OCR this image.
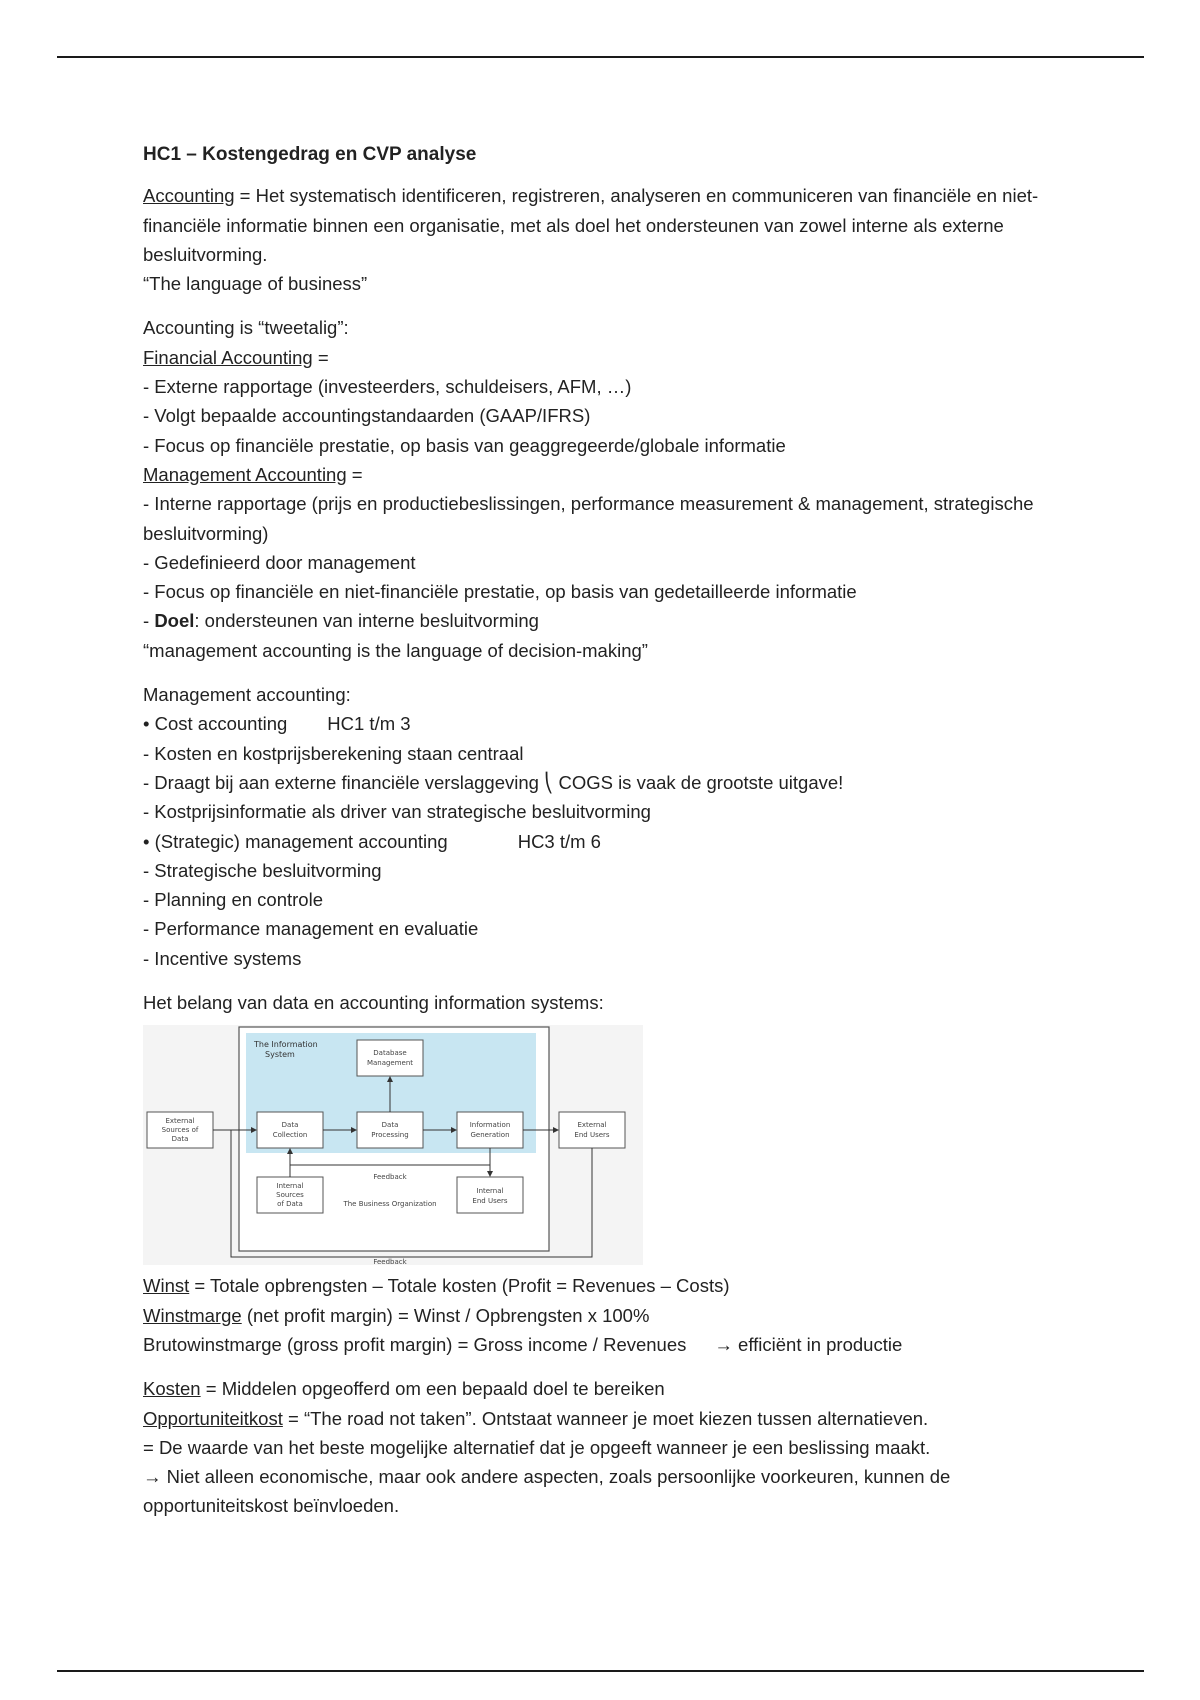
HC1 – Kostengedrag en CVP analyse

Accounting = Het systematisch identificeren, registreren, analyseren en communiceren van financiële en niet-financiële informatie binnen een organisatie, met als doel het ondersteunen van zowel interne als externe besluitvorming.

“The language of business”

Accounting is “tweetalig”:

Financial Accounting =

- Externe rapportage (investeerders, schuldeisers, AFM, …)

- Volgt bepaalde accountingstandaarden (GAAP/IFRS)

- Focus op financiële prestatie, op basis van geaggregeerde/globale informatie

Management Accounting =

- Interne rapportage (prijs en productiebeslissingen, performance measurement & management, strategische besluitvorming)

- Gedefinieerd door management

- Focus op financiële en niet-financiële prestatie, op basis van gedetailleerde informatie

- Doel: ondersteunen van interne besluitvorming

“management accounting is the language of decision-making”

Management accounting:

• Cost accounting HC1 t/m 3

- Kosten en kostprijsberekening staan centraal

- Draagt bij aan externe financiële verslaggeving ⎝ COGS is vaak de grootste uitgave!

- Kostprijsinformatie als driver van strategische besluitvorming

• (Strategic) management accounting	HC3 t/m 6

- Strategische besluitvorming

- Planning en controle

- Performance management en evaluatie

- Incentive systems

Het belang van data en accounting information systems:

The Information
System	Database
Management
External
Sources of
Data
Data
Collection
Data
Processing
Information
Generation
External
End Users
Feedback
Internal
Sources
of Data
Internal
End Users
The Business Organization
Feedback

Winst = Totale opbrengsten – Totale kosten (Profit = Revenues – Costs)

Winstmarge (net profit margin) = Winst / Opbrengsten x 100%

Brutowinstmarge (gross profit margin) = Gross income / Revenues → efficiënt in productie

Kosten = Middelen opgeofferd om een bepaald doel te bereiken

Opportuniteitkost = “The road not taken”. Ontstaat wanneer je moet kiezen tussen alternatieven.

= De waarde van het beste mogelijke alternatief dat je opgeeft wanneer je een beslissing maakt.

→ Niet alleen economische, maar ook andere aspecten, zoals persoonlijke voorkeuren, kunnen de opportuniteitskost beïnvloeden.
